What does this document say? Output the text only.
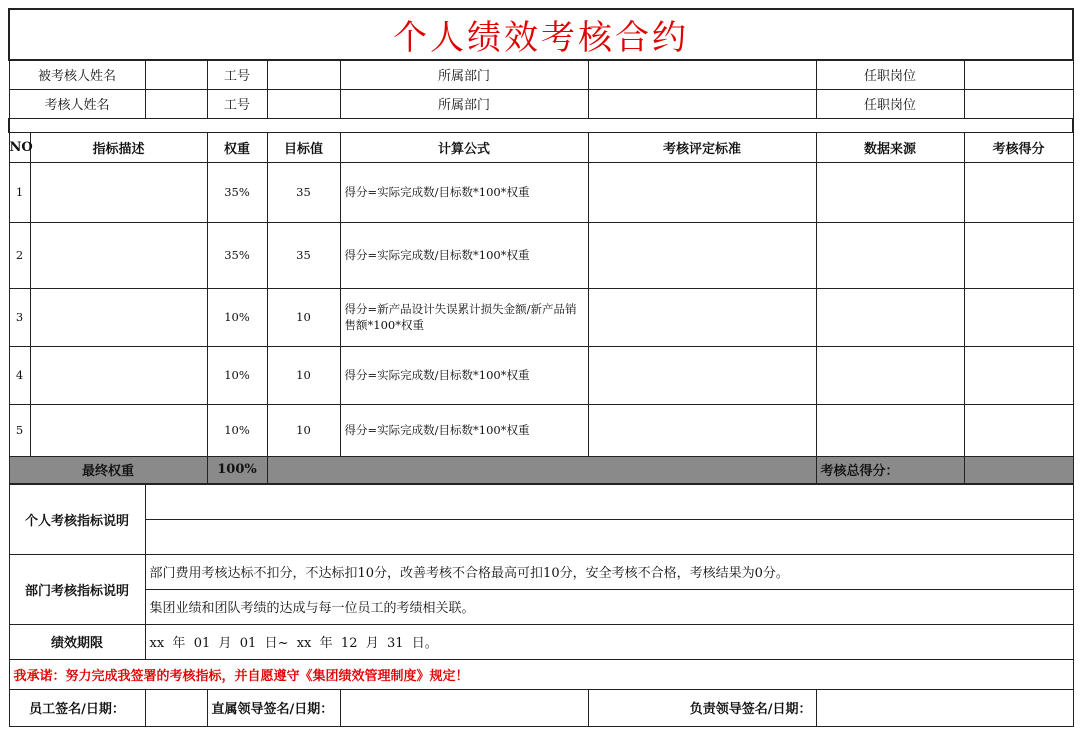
个人绩效考核合约								
被考核人姓名			工号		所属部门		任职岗位	
考核人姓名			工号		所属部门		任职岗位	

NO	指标描述		权重	目标值	计算公式	考核评定标准	数据来源	考核得分
1			35%	35	得分=实际完成数/目标数*100*权重			
2			35%	35	得分=实际完成数/目标数*100*权重			
3			10%	10	得分=新产品设计失误累计损失金额/新产品销售额*100*权重			
4			10%	10	得分=实际完成数/目标数*100*权重			
5			10%	10	得分=实际完成数/目标数*100*权重			
最终权重			100%				考核总得分：	
个人考核指标说明								

部门考核指标说明		部门费用考核达标不扣分，不达标扣10分，改善考核不合格最高可扣10分，安全考核不合格，考核结果为0分。						
		集团业绩和团队考绩的达成与每一位员工的考绩相关联。						
绩效期限		xx  年  01  月  01  日~  xx  年  12  月  31  日。						
我承诺：努力完成我签署的考核指标，并自愿遵守《集团绩效管理制度》规定！								
员工签名/日期：			直属领导签名/日期：			负责领导签名/日期：		
